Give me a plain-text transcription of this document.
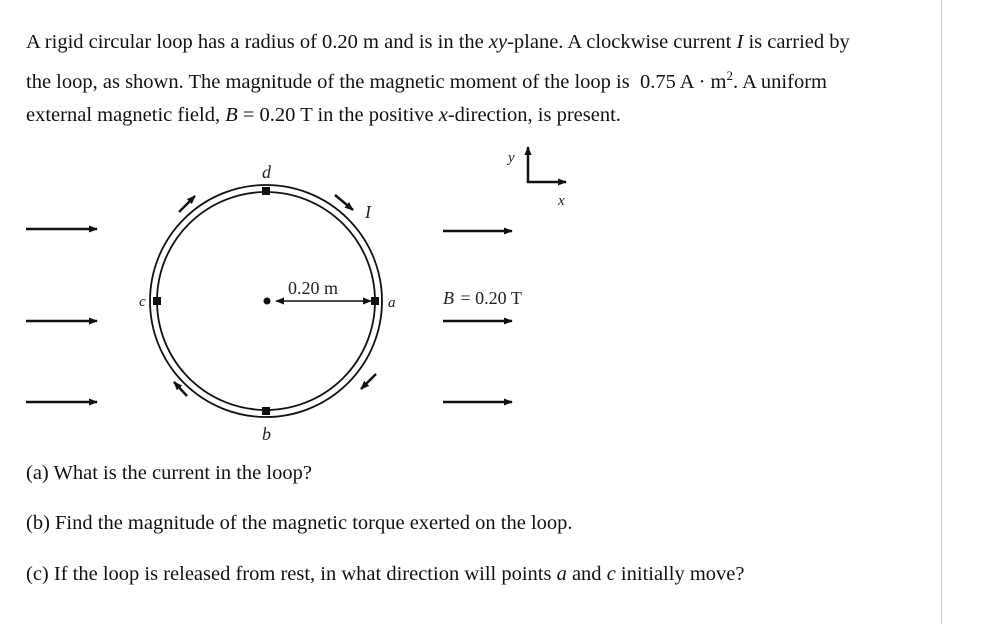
A rigid circular loop has a radius of 0.20 m and is in the xy-plane. A clockwise current I is carried by

the loop, as shown. The magnitude of the magnetic moment of the loop is  0.75 $A \cdot m^2$. A uniform

external magnetic field, B = 0.20 T in the positive x-direction, is present.

d
b
c	a
I
0.20 m	B = 0.20 T
y
x

(a) What is the current in the loop?

(b) Find the magnitude of the magnetic torque exerted on the loop.

(c) If the loop is released from rest, in what direction will points a and c initially move?
